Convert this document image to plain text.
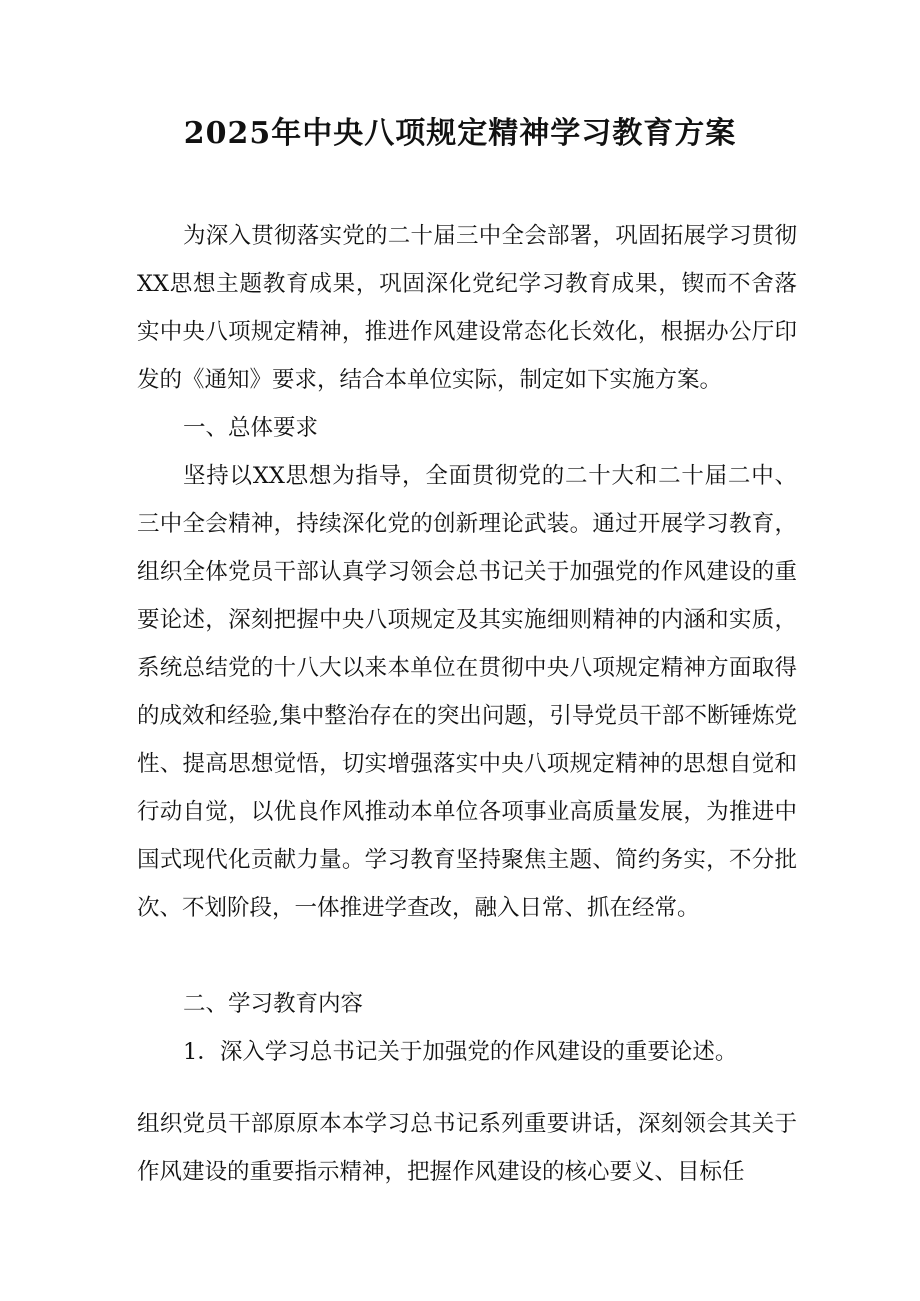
2025年中央八项规定精神学习教育方案

为深入贯彻落实党的二十届三中全会部署，巩固拓展学习贯彻XX思想主题教育成果，巩固深化党纪学习教育成果，锲而不舍落实中央八项规定精神，推进作风建设常态化长效化，根据办公厅印发的《通知》要求，结合本单位实际，制定如下实施方案。

一、总体要求

坚持以XX思想为指导，全面贯彻党的二十大和二十届二中、三中全会精神，持续深化党的创新理论武装。通过开展学习教育，组织全体党员干部认真学习领会总书记关于加强党的作风建设的重要论述，深刻把握中央八项规定及其实施细则精神的内涵和实质，系统总结党的十八大以来本单位在贯彻中央八项规定精神方面取得的成效和经验,集中整治存在的突出问题，引导党员干部不断锤炼党性、提高思想觉悟，切实增强落实中央八项规定精神的思想自觉和行动自觉，以优良作风推动本单位各项事业高质量发展，为推进中国式现代化贡献力量。学习教育坚持聚焦主题、简约务实，不分批次、不划阶段，一体推进学查改，融入日常、抓在经常。

二、学习教育内容

1．深入学习总书记关于加强党的作风建设的重要论述。

组织党员干部原原本本学习总书记系列重要讲话，深刻领会其关于作风建设的重要指示精神，把握作风建设的核心要义、目标任
